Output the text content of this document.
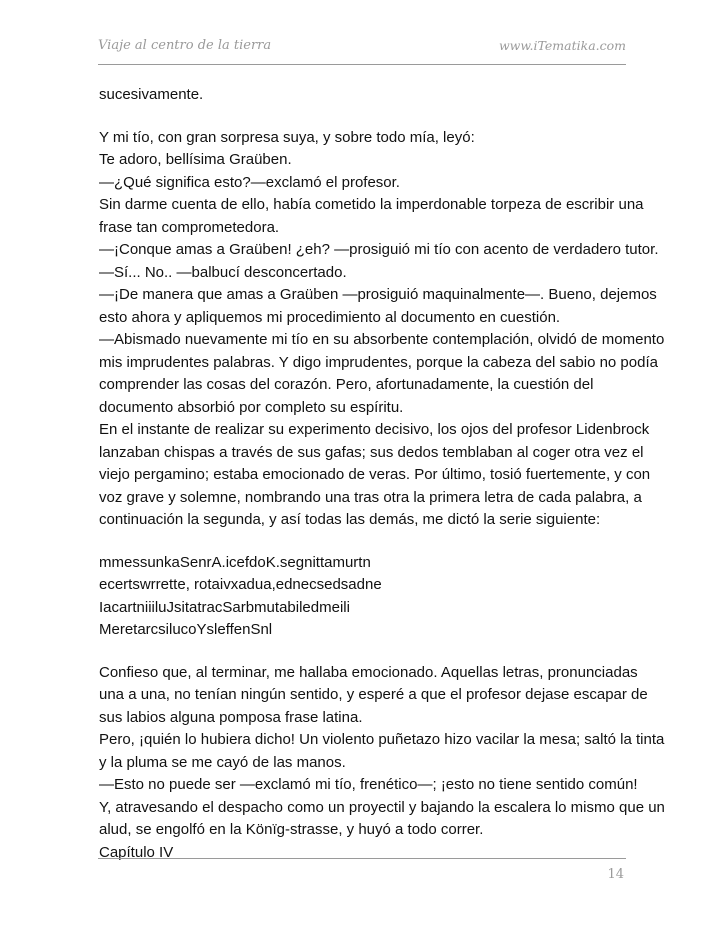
Viaje al centro de la tierra	www.iTematika.com
sucesivamente.
Y mi tío, con gran sorpresa suya, y sobre todo mía, leyó:
Te adoro, bellísima Graüben.
—¿Qué significa esto?—exclamó el profesor.
Sin darme cuenta de ello, había cometido la imperdonable torpeza de escribir una
frase tan comprometedora.
—¡Conque amas a Graüben! ¿eh? —prosiguió mi tío con acento de verdadero tutor.
—Sí... No.. —balbucí desconcertado.
—¡De manera que amas a Graüben —prosiguió maquinalmente—. Bueno, dejemos
esto ahora y apliquemos mi procedimiento al documento en cuestión.
—Abismado nuevamente mi tío en su absorbente contemplación, olvidó de momento
mis imprudentes palabras. Y digo imprudentes, porque la cabeza del sabio no podía
comprender las cosas del corazón. Pero, afortunadamente, la cuestión del
documento absorbió por completo su espíritu.
En el instante de realizar su experimento decisivo, los ojos del profesor Lidenbrock
lanzaban chispas a través de sus gafas; sus dedos temblaban al coger otra vez el
viejo pergamino; estaba emocionado de veras. Por último, tosió fuertemente, y con
voz grave y solemne, nombrando una tras otra la primera letra de cada palabra, a
continuación la segunda, y así todas las demás, me dictó la serie siguiente:
mmessunkaSenrA.icefdoK.segnittamurtn
ecertswrrette, rotaivxadua,ednecsedsadne
IacartniiiluJsitatracSarbmutabiledmeili
MeretarcsilucoYsleffenSnl
Confieso que, al terminar, me hallaba emocionado. Aquellas letras, pronunciadas
una a una, no tenían ningún sentido, y esperé a que el profesor dejase escapar de
sus labios alguna pomposa frase latina.
Pero, ¡quién lo hubiera dicho! Un violento puñetazo hizo vacilar la mesa; saltó la tinta
y la pluma se me cayó de las manos.
—Esto no puede ser —exclamó mi tío, frenético—; ¡esto no tiene sentido común!
Y, atravesando el despacho como un proyectil y bajando la escalera lo mismo que un
alud, se engolfó en la Könïg-strasse, y huyó a todo correr.
Capítulo IV
14
